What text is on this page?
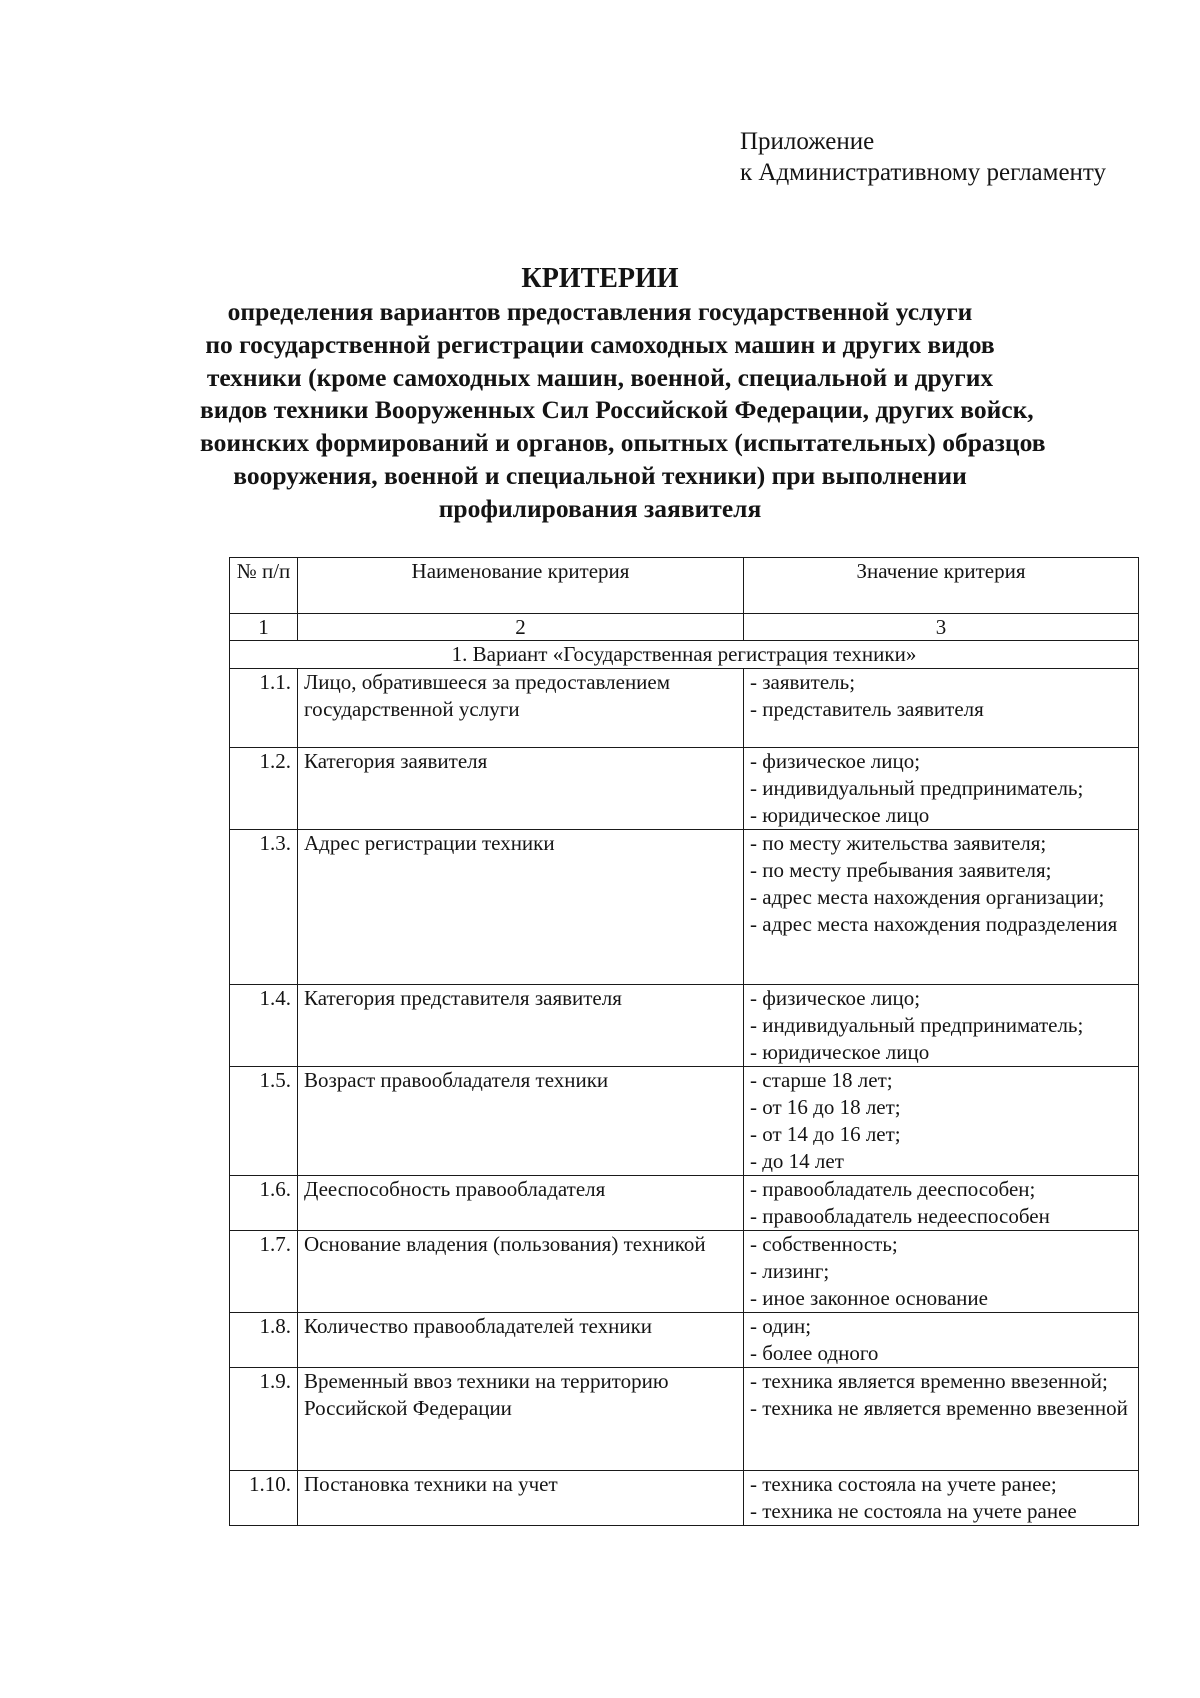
Приложение
к Административному регламенту
КРИТЕРИИ
определения вариантов предоставления государственной услуги
по государственной регистрации самоходных машин и других видов
техники (кроме самоходных машин, военной, специальной и других
видов техники Вооруженных Сил Российской Федерации, других войск,
воинских формирований и органов, опытных (испытательных) образцов
вооружения, военной и специальной техники) при выполнении
профилирования заявителя
№ п/п	Наименование критерия	Значение критерия
1	2	3
1. Вариант «Государственная регистрация техники»		
1.1.	Лицо, обратившееся за предоставлением государственной услуги	- заявитель;
- представитель заявителя

1.2.	Категория заявителя	- физическое лицо;
- индивидуальный предприниматель;
- юридическое лицо

1.3.	Адрес регистрации техники	- по месту жительства заявителя;
- по месту пребывания заявителя;
- адрес места нахождения организации;
- адрес места нахождения подразделения

1.4.	Категория представителя заявителя	- физическое лицо;
- индивидуальный предприниматель;
- юридическое лицо

1.5.	Возраст правообладателя техники	- старше 18 лет;
- от 16 до 18 лет;
- от 14 до 16 лет;
- до 14 лет

1.6.	Дееспособность правообладателя	- правообладатель дееспособен;
- правообладатель недееспособен

1.7.	Основание владения (пользования) техникой	- собственность;
- лизинг;
- иное законное основание

1.8.	Количество правообладателей техники	- один;
- более одного

1.9.	Временный ввоз техники на территорию Российской Федерации	- техника является временно ввезенной;
- техника не является временно ввезенной

1.10.	Постановка техники на учет	- техника состояла на учете ранее;
- техника не состояла на учете ранее
